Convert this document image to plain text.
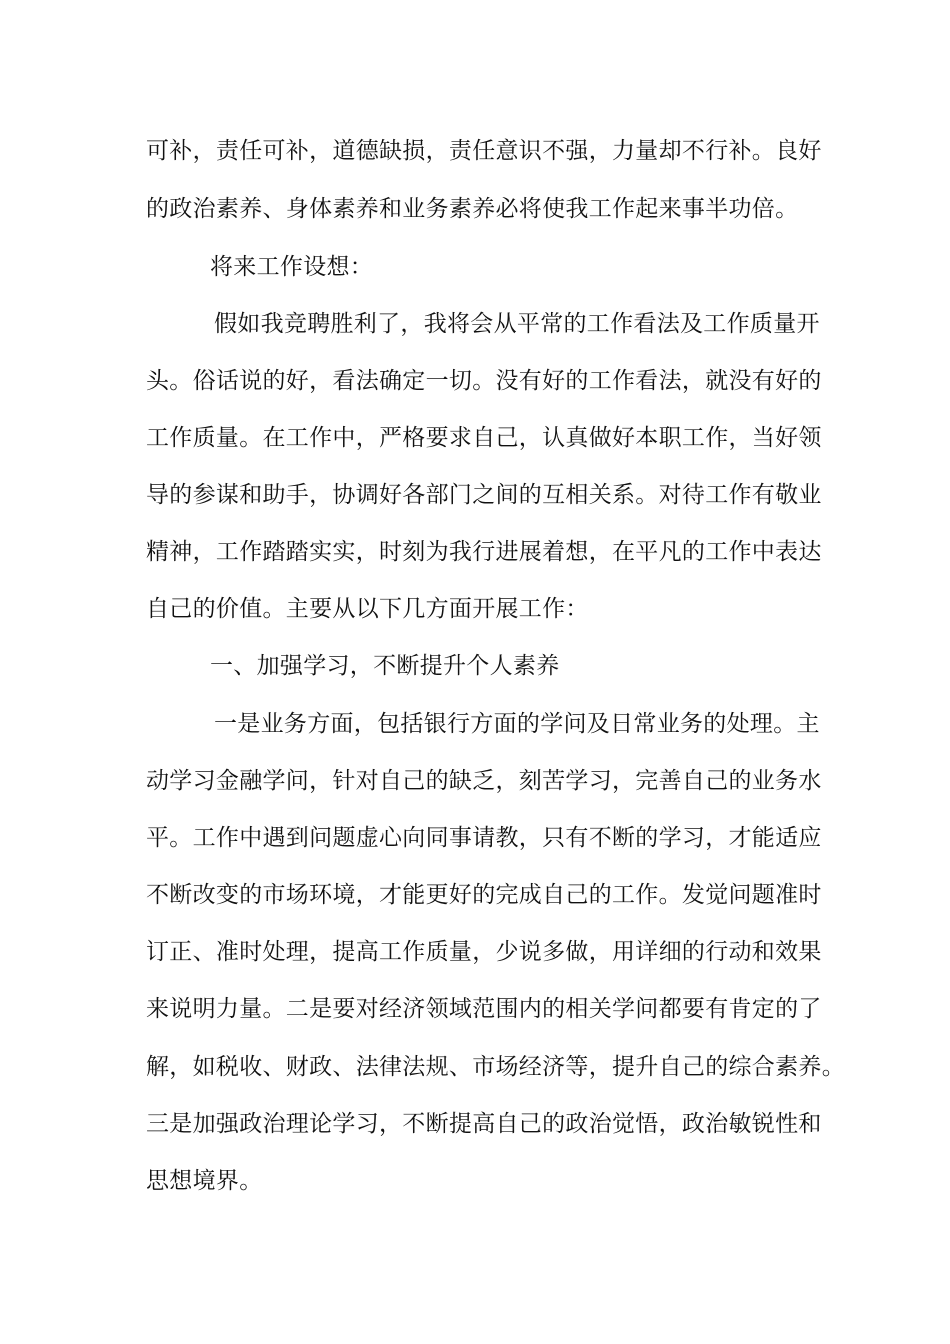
可补，责任可补，道德缺损，责任意识不强，力量却不行补。良好

的政治素养、身体素养和业务素养必将使我工作起来事半功倍。

将来工作设想：

假如我竞聘胜利了，我将会从平常的工作看法及工作质量开

头。俗话说的好，看法确定一切。没有好的工作看法，就没有好的

工作质量。在工作中，严格要求自己，认真做好本职工作，当好领

导的参谋和助手，协调好各部门之间的互相关系。对待工作有敬业

精神，工作踏踏实实，时刻为我行进展着想，在平凡的工作中表达

自己的价值。主要从以下几方面开展工作：

一、加强学习，不断提升个人素养

一是业务方面，包括银行方面的学问及日常业务的处理。主

动学习金融学问，针对自己的缺乏，刻苦学习，完善自己的业务水

平。工作中遇到问题虚心向同事请教，只有不断的学习，才能适应

不断改变的市场环境，才能更好的完成自己的工作。发觉问题准时

订正、准时处理，提高工作质量，少说多做，用详细的行动和效果

来说明力量。二是要对经济领域范围内的相关学问都要有肯定的了

解，如税收、财政、法律法规、市场经济等，提升自己的综合素养。

三是加强政治理论学习，不断提高自己的政治觉悟，政治敏锐性和

思想境界。
